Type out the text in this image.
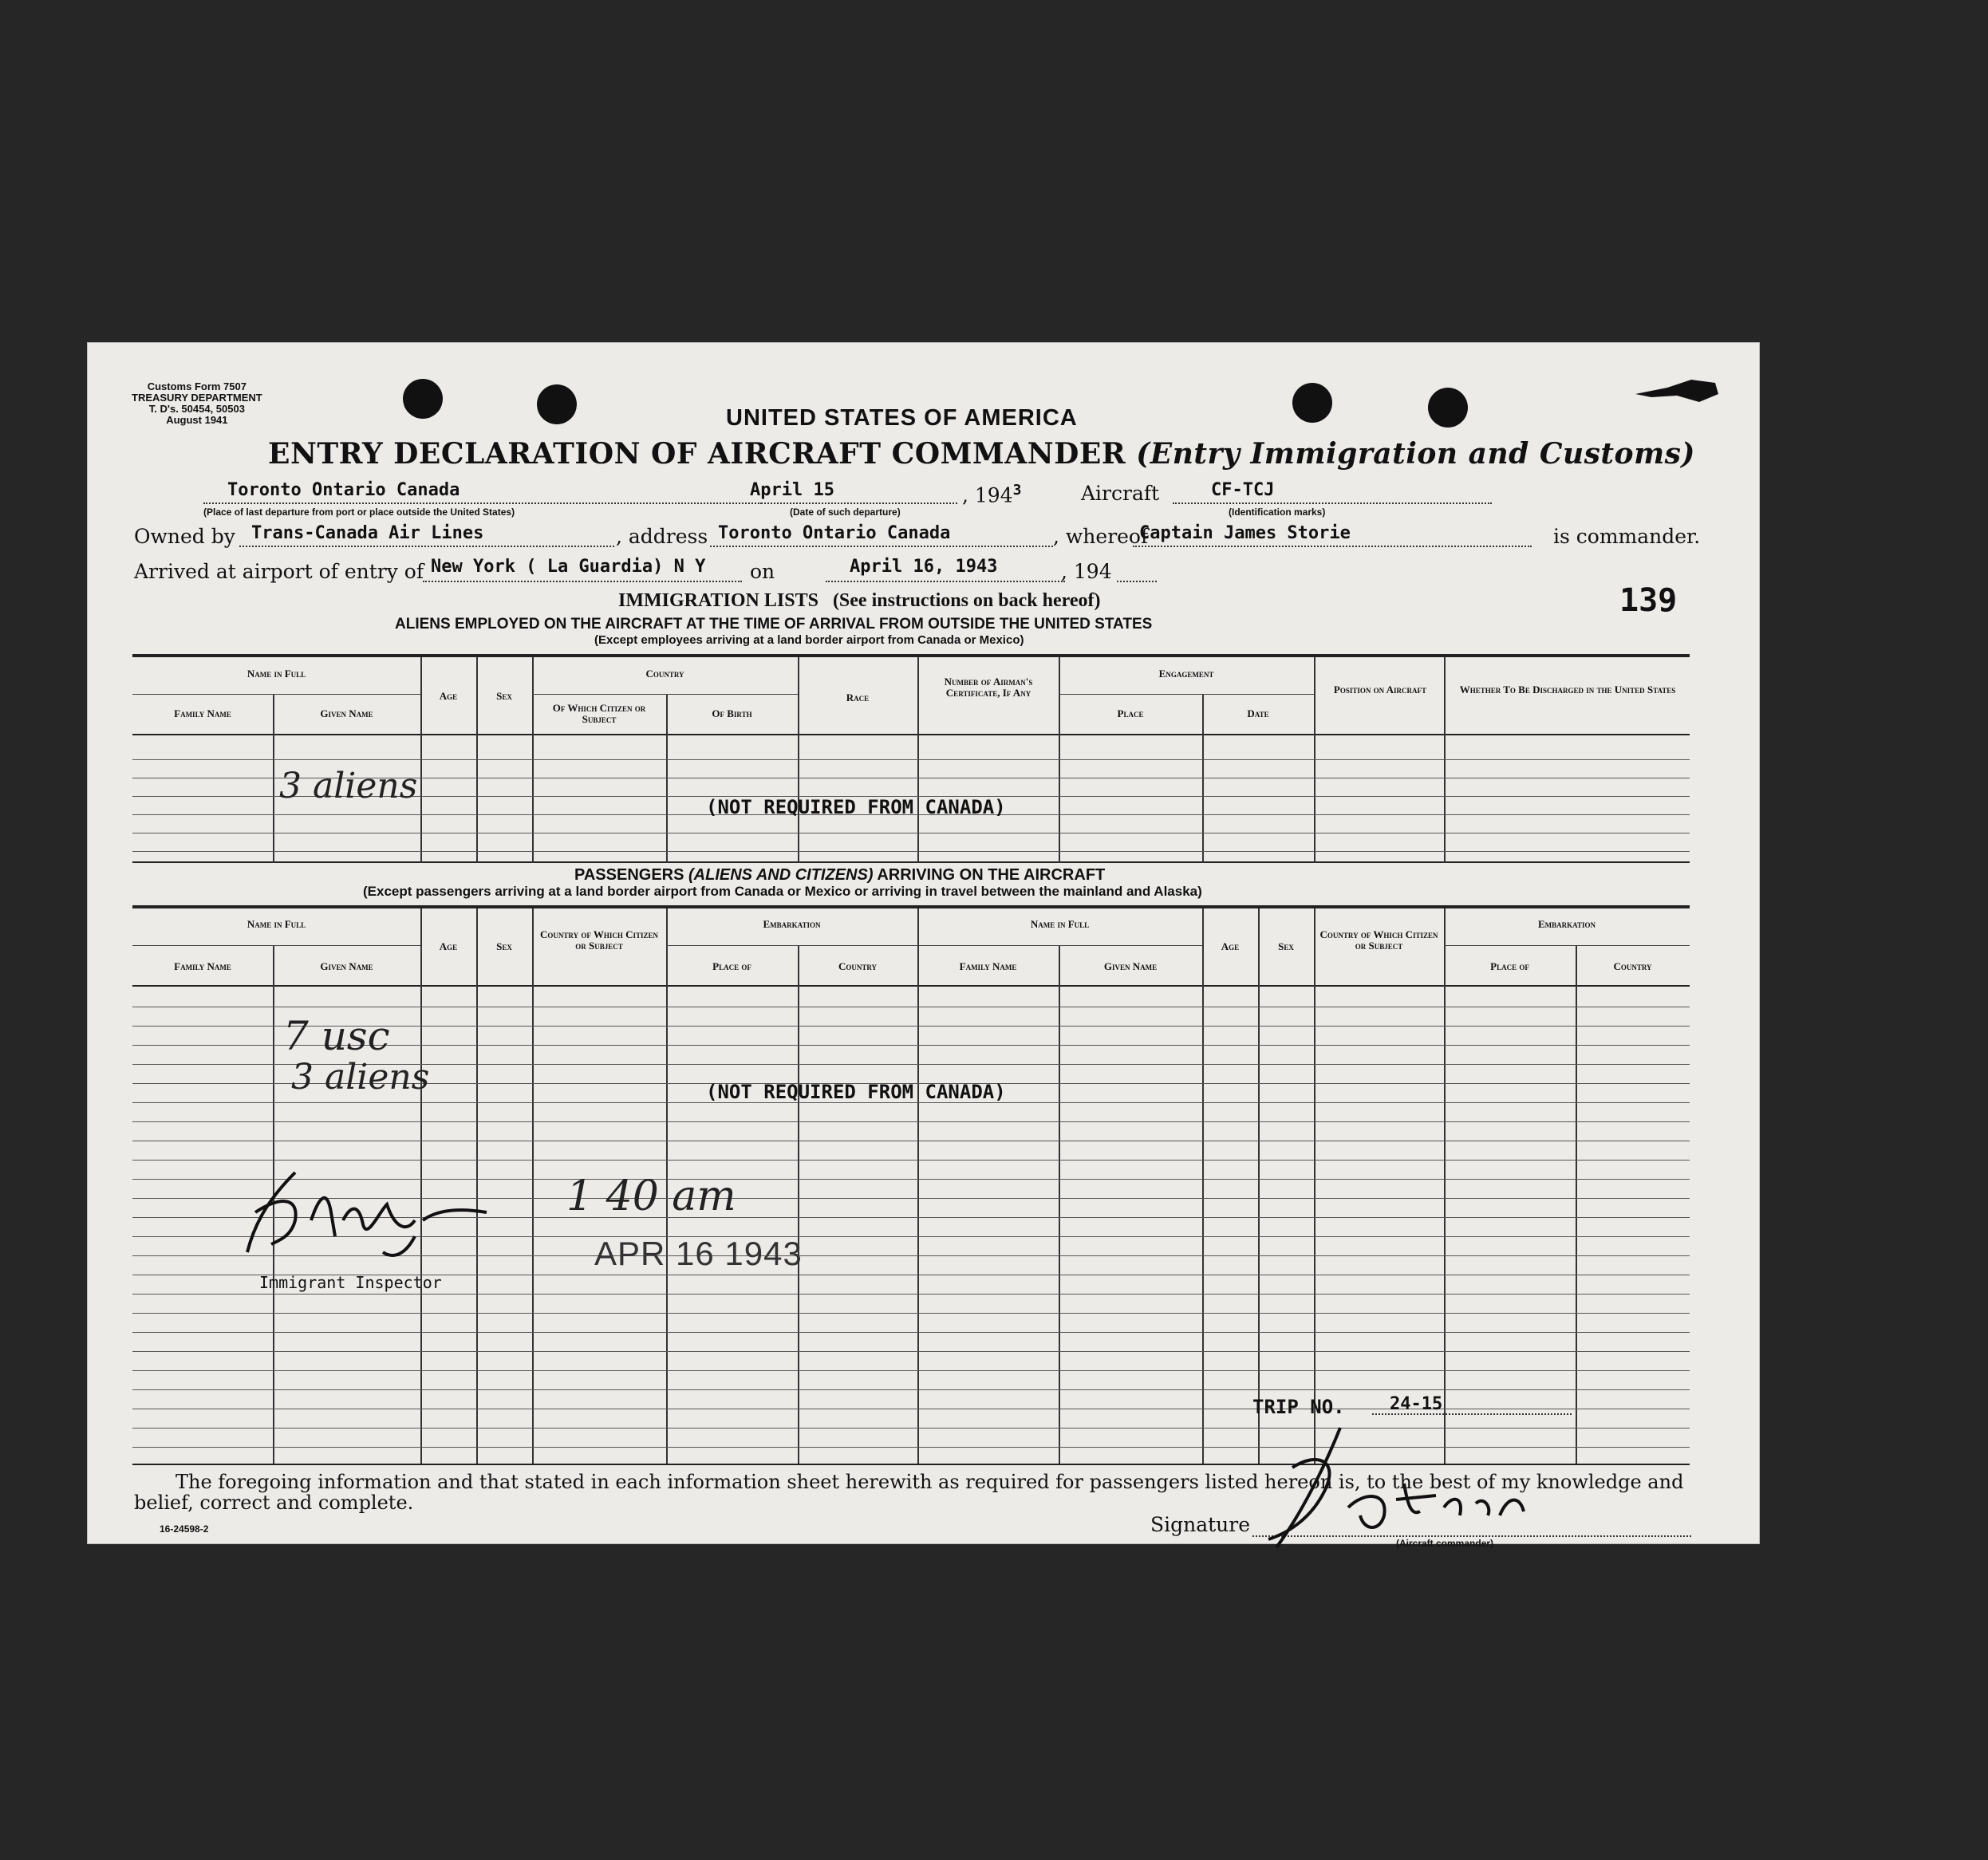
Customs Form 7507
TREASURY DEPARTMENT
T. D's. 50454, 50503
August 1941	UNITED STATES OF AMERICA
ENTRY DECLARATION OF AIRCRAFT COMMANDER (Entry Immigration and Customs)
Toronto Ontario Canada
(Place of last departure from port or place outside the United States)
April 15
(Date of such departure)
, $194^3$	Aircraft	CF-TCJ
(Identification marks)
Owned by Trans-Canada Air Lines	, address Toronto Ontario Canada	, whereof
Captain James Storie	is commander.
Arrived at airport of entry of New York ( La Guardia) N Y on	April 16, 1943	, 194
139
IMMIGRATION LISTS (See instructions on back hereof)
ALIENS EMPLOYED ON THE AIRCRAFT AT THE TIME OF ARRIVAL FROM OUTSIDE THE UNITED STATES
(Except employees arriving at a land border airport from Canada or Mexico)
Name in Full
Family Name	Given Name
Age	Sex
Country
Of Which Citizen or Subject	Of Birth
Race
Number of Airman's Certificate, If Any
Engagement
Place	Date
Position on Aircraft	Whether To Be Discharged in the United States
3 aliens
(NOT REQUIRED FROM CANADA)
PASSENGERS (ALIENS AND CITIZENS) ARRIVING ON THE AIRCRAFT
(Except passengers arriving at a land border airport from Canada or Mexico or arriving in travel between the mainland and Alaska)
Name in Full
Family Name	Given Name
Age	Sex
Country of Which Citizen or Subject
Embarkation
Place of	Country
Name in Full
Family Name	Given Name
Age	Sex
Country of Which Citizen or Subject
Embarkation
Place of	Country
7 usc
3 aliens	(NOT REQUIRED FROM CANADA)
1 40 am
APR 16 1943
Immigrant Inspector
TRIP NO.	24-15
The foregoing information and that stated in each information sheet herewith as required for passengers listed hereon is, to the best of my knowledge and belief, correct and complete.
16-24598-2	Signature
(Aircraft commander)
